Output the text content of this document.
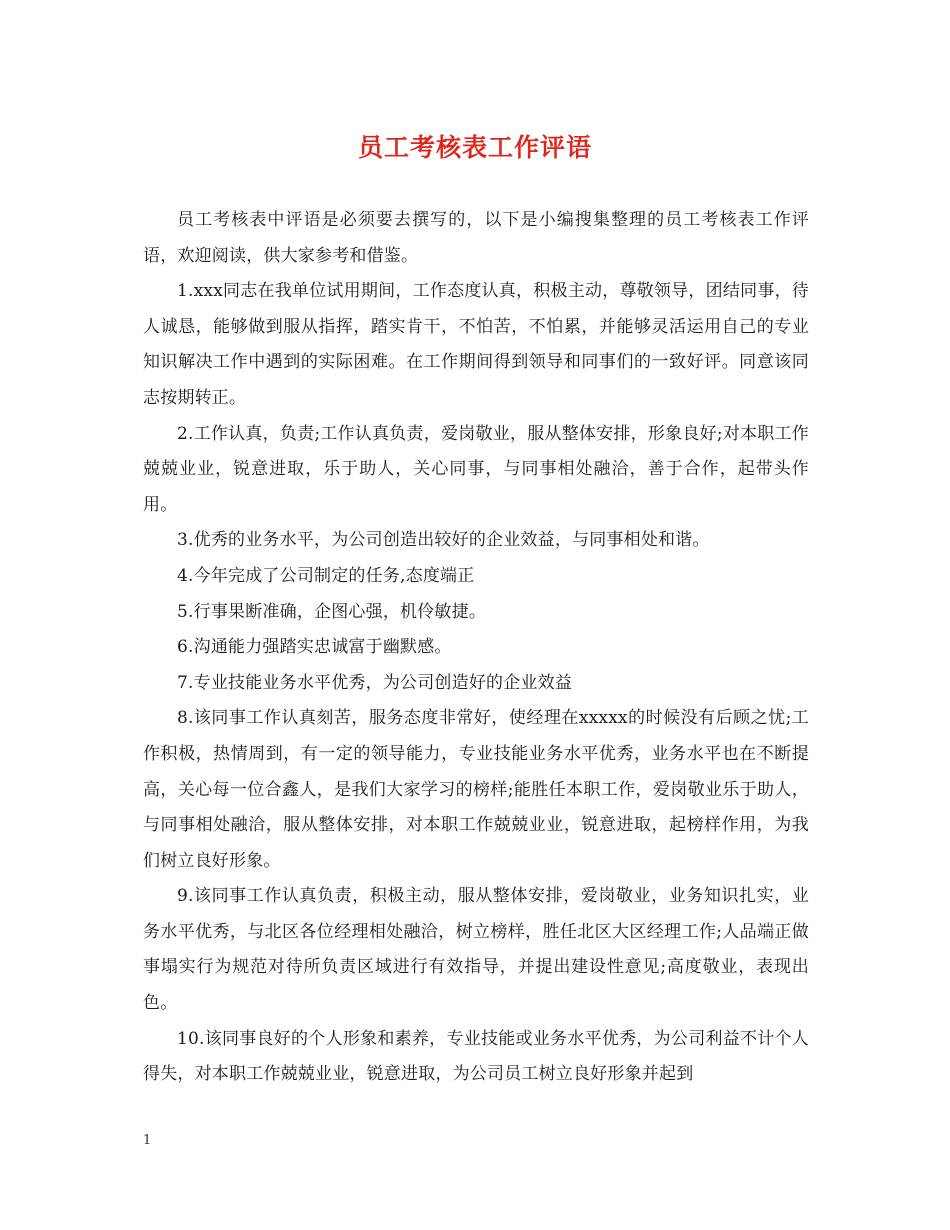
员工考核表工作评语

员工考核表中评语是必须要去撰写的，以下是小编搜集整理的员工考核表工作评语，欢迎阅读，供大家参考和借鉴。

1.xxx同志在我单位试用期间，工作态度认真，积极主动，尊敬领导，团结同事，待人诚恳，能够做到服从指挥，踏实肯干，不怕苦，不怕累，并能够灵活运用自己的专业知识解决工作中遇到的实际困难。在工作期间得到领导和同事们的一致好评。同意该同志按期转正。

2.工作认真，负责;工作认真负责，爱岗敬业，服从整体安排，形象良好;对本职工作兢兢业业，锐意进取，乐于助人，关心同事，与同事相处融洽，善于合作，起带头作用。

3.优秀的业务水平，为公司创造出较好的企业效益，与同事相处和谐。

4.今年完成了公司制定的任务,态度端正

5.行事果断准确，企图心强，机伶敏捷。

6.沟通能力强踏实忠诚富于幽默感。

7.专业技能业务水平优秀，为公司创造好的企业效益

8.该同事工作认真刻苦，服务态度非常好，使经理在xxxxx的时候没有后顾之忧;工作积极，热情周到，有一定的领导能力，专业技能业务水平优秀，业务水平也在不断提高，关心每一位合鑫人，是我们大家学习的榜样;能胜任本职工作，爱岗敬业乐于助人，与同事相处融洽，服从整体安排，对本职工作兢兢业业，锐意进取，起榜样作用，为我们树立良好形象。

9.该同事工作认真负责，积极主动，服从整体安排，爱岗敬业，业务知识扎实，业务水平优秀，与北区各位经理相处融洽，树立榜样，胜任北区大区经理工作;人品端正做事塌实行为规范对待所负责区域进行有效指导，并提出建设性意见;高度敬业，表现出色。

10.该同事良好的个人形象和素养，专业技能或业务水平优秀，为公司利益不计个人得失，对本职工作兢兢业业，锐意进取，为公司员工树立良好形象并起到

1
